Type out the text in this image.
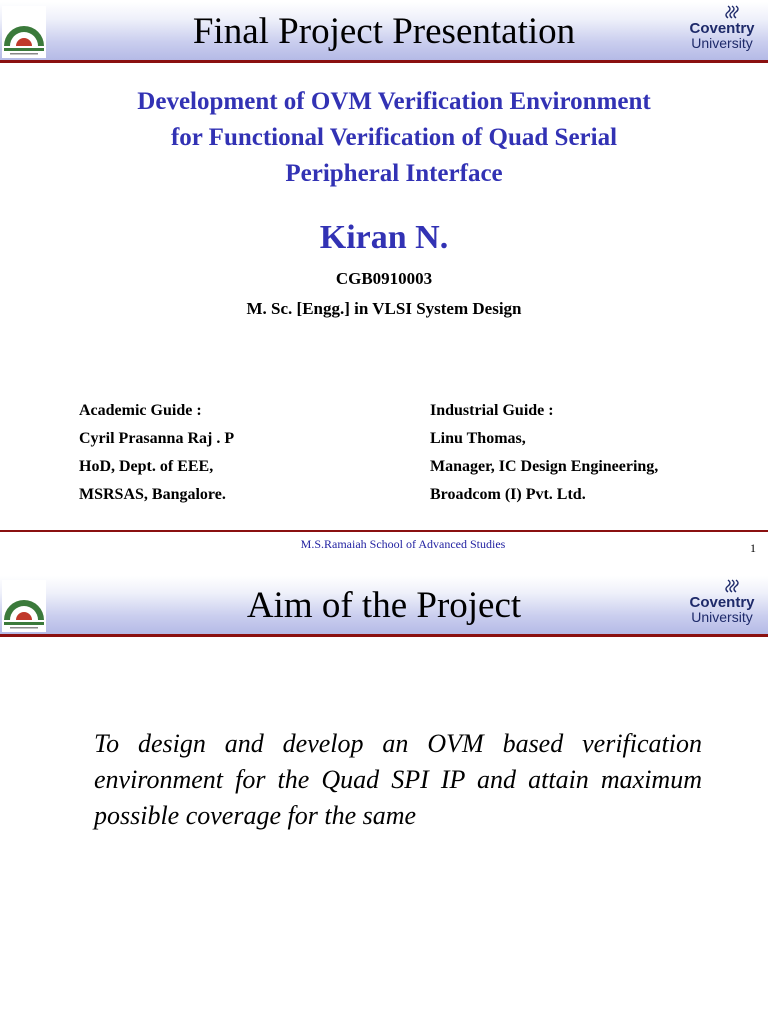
Final Project Presentation	Coventry
University
Development of OVM Verification Environment
for Functional Verification of Quad Serial
Peripheral Interface
Kiran N.
CGB0910003
M. Sc. [Engg.] in VLSI System Design
Academic Guide :
Cyril Prasanna Raj . P
HoD, Dept. of EEE,
MSRSAS, Bangalore.
Industrial Guide :
Linu Thomas,
Manager, IC Design Engineering,
Broadcom (I) Pvt. Ltd.
M.S.Ramaiah School of Advanced Studies	1
Aim of the Project	Coventry
University
To design and develop an OVM based verification environment for the Quad SPI IP and attain maximum possible coverage for the same
